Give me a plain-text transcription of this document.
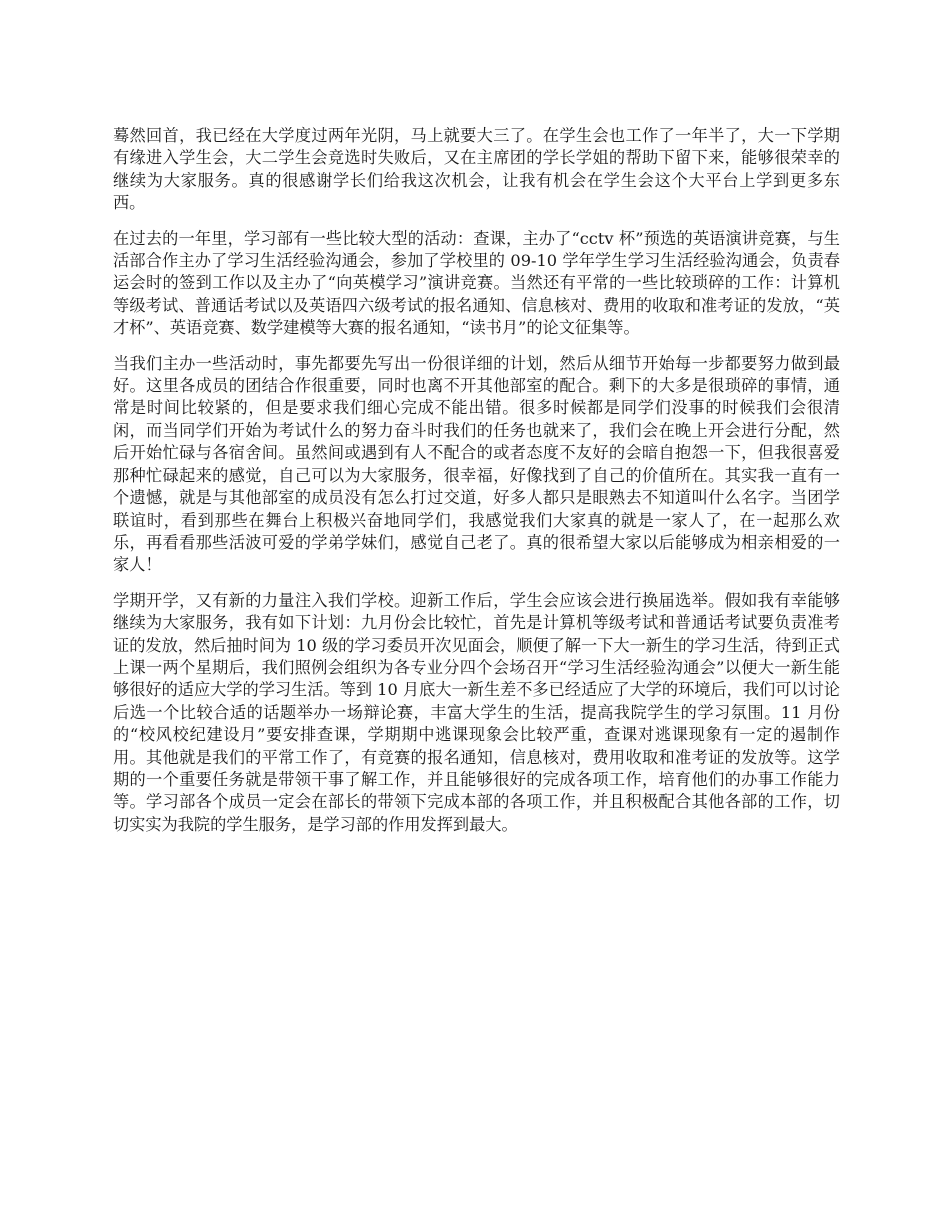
蓦然回首，我已经在大学度过两年光阴，马上就要大三了。在学生会也工作了一年半了，大一下学期有缘进入学生会，大二学生会竞选时失败后，又在主席团的学长学姐的帮助下留下来，能够很荣幸的继续为大家服务。真的很感谢学长们给我这次机会，让我有机会在学生会这个大平台上学到更多东西。

在过去的一年里，学习部有一些比较大型的活动：查课，主办了“cctv 杯”预选的英语演讲竞赛，与生活部合作主办了学习生活经验沟通会，参加了学校里的 09-10 学年学生学习生活经验沟通会，负责春运会时的签到工作以及主办了“向英模学习”演讲竞赛。当然还有平常的一些比较琐碎的工作：计算机等级考试、普通话考试以及英语四六级考试的报名通知、信息核对、费用的收取和准考证的发放，“英才杯”、英语竞赛、数学建模等大赛的报名通知，“读书月”的论文征集等。

当我们主办一些活动时，事先都要先写出一份很详细的计划，然后从细节开始每一步都要努力做到最好。这里各成员的团结合作很重要，同时也离不开其他部室的配合。剩下的大多是很琐碎的事情，通常是时间比较紧的，但是要求我们细心完成不能出错。很多时候都是同学们没事的时候我们会很清闲，而当同学们开始为考试什么的努力奋斗时我们的任务也就来了，我们会在晚上开会进行分配，然后开始忙碌与各宿舍间。虽然间或遇到有人不配合的或者态度不友好的会暗自抱怨一下，但我很喜爱那种忙碌起来的感觉，自己可以为大家服务，很幸福，好像找到了自己的价值所在。其实我一直有一个遗憾，就是与其他部室的成员没有怎么打过交道，好多人都只是眼熟去不知道叫什么名字。当团学联谊时，看到那些在舞台上积极兴奋地同学们，我感觉我们大家真的就是一家人了，在一起那么欢乐，再看看那些活波可爱的学弟学妹们，感觉自己老了。真的很希望大家以后能够成为相亲相爱的一家人！

学期开学，又有新的力量注入我们学校。迎新工作后，学生会应该会进行换届选举。假如我有幸能够继续为大家服务，我有如下计划：九月份会比较忙，首先是计算机等级考试和普通话考试要负责准考证的发放，然后抽时间为 10 级的学习委员开次见面会，顺便了解一下大一新生的学习生活，待到正式上课一两个星期后，我们照例会组织为各专业分四个会场召开“学习生活经验沟通会”以便大一新生能够很好的适应大学的学习生活。等到 10 月底大一新生差不多已经适应了大学的环境后，我们可以讨论后选一个比较合适的话题举办一场辩论赛，丰富大学生的生活，提高我院学生的学习氛围。11 月份的“校风校纪建设月”要安排查课，学期期中逃课现象会比较严重，查课对逃课现象有一定的遏制作用。其他就是我们的平常工作了，有竞赛的报名通知，信息核对，费用收取和准考证的发放等。这学期的一个重要任务就是带领干事了解工作，并且能够很好的完成各项工作，培育他们的办事工作能力等。学习部各个成员一定会在部长的带领下完成本部的各项工作，并且积极配合其他各部的工作，切切实实为我院的学生服务，是学习部的作用发挥到最大。
